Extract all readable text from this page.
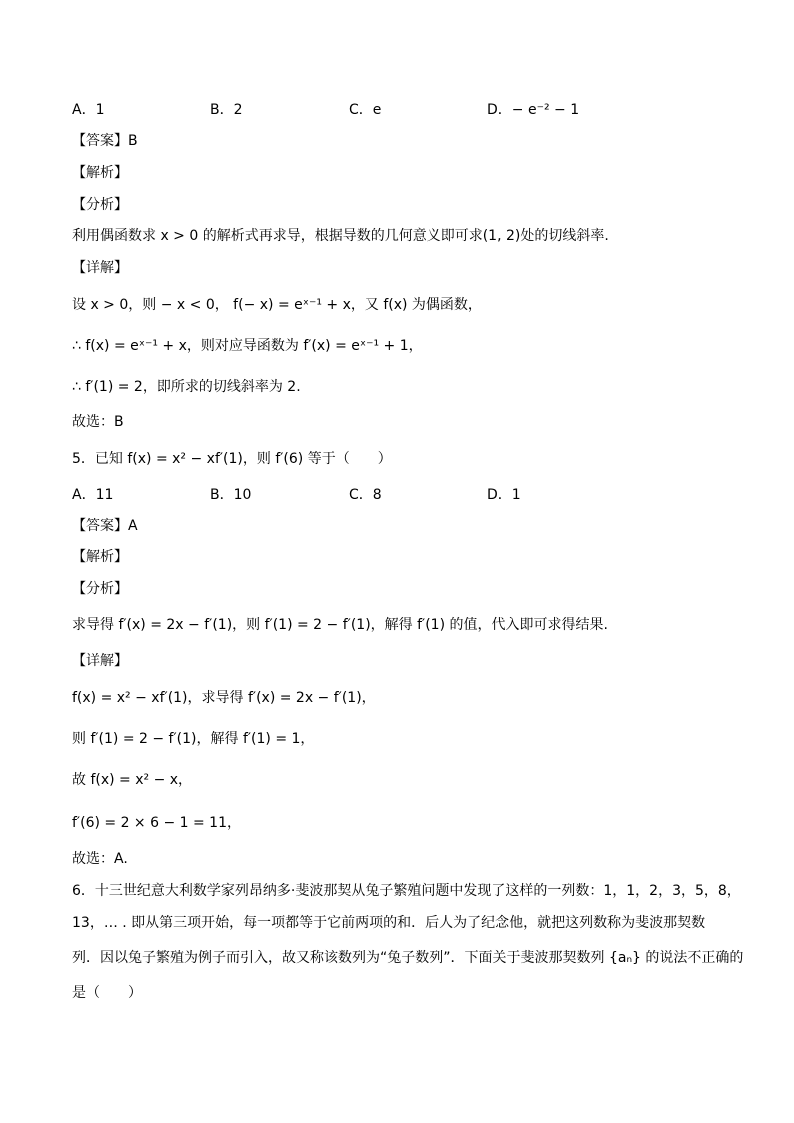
A．1	B．2	C．e	D．− e⁻² − 1
【答案】B
【解析】
【分析】
利用偶函数求 x > 0 的解析式再求导，根据导数的几何意义即可求(1, 2)处的切线斜率.
【详解】
设 x > 0，则 − x < 0， f(− x) = eˣ⁻¹ + x，又 f(x) 为偶函数，
∴ f(x) = eˣ⁻¹ + x，则对应导函数为 f′(x) = eˣ⁻¹ + 1，
∴ f′(1) = 2，即所求的切线斜率为 2.
故选：B
5．已知 f(x) = x² − xf′(1)，则 f′(6) 等于（　　）
A．11	B．10	C．8	D．1
【答案】A
【解析】
【分析】
求导得 f′(x) = 2x − f′(1)，则 f′(1) = 2 − f′(1)，解得 f′(1) 的值，代入即可求得结果.
【详解】
f(x) = x² − xf′(1)，求导得 f′(x) = 2x − f′(1)，
则 f′(1) = 2 − f′(1)，解得 f′(1) = 1，
故 f(x) = x² − x，
f′(6) = 2 × 6 − 1 = 11，
故选：A.
6．十三世纪意大利数学家列昂纳多·斐波那契从兔子繁殖问题中发现了这样的一列数：1，1，2，3，5，8，
13，… . 即从第三项开始，每一项都等于它前两项的和．后人为了纪念他，就把这列数称为斐波那契数
列．因以兔子繁殖为例子而引入，故又称该数列为“兔子数列”．下面关于斐波那契数列 {aₙ} 的说法不正确的
是（　　）
